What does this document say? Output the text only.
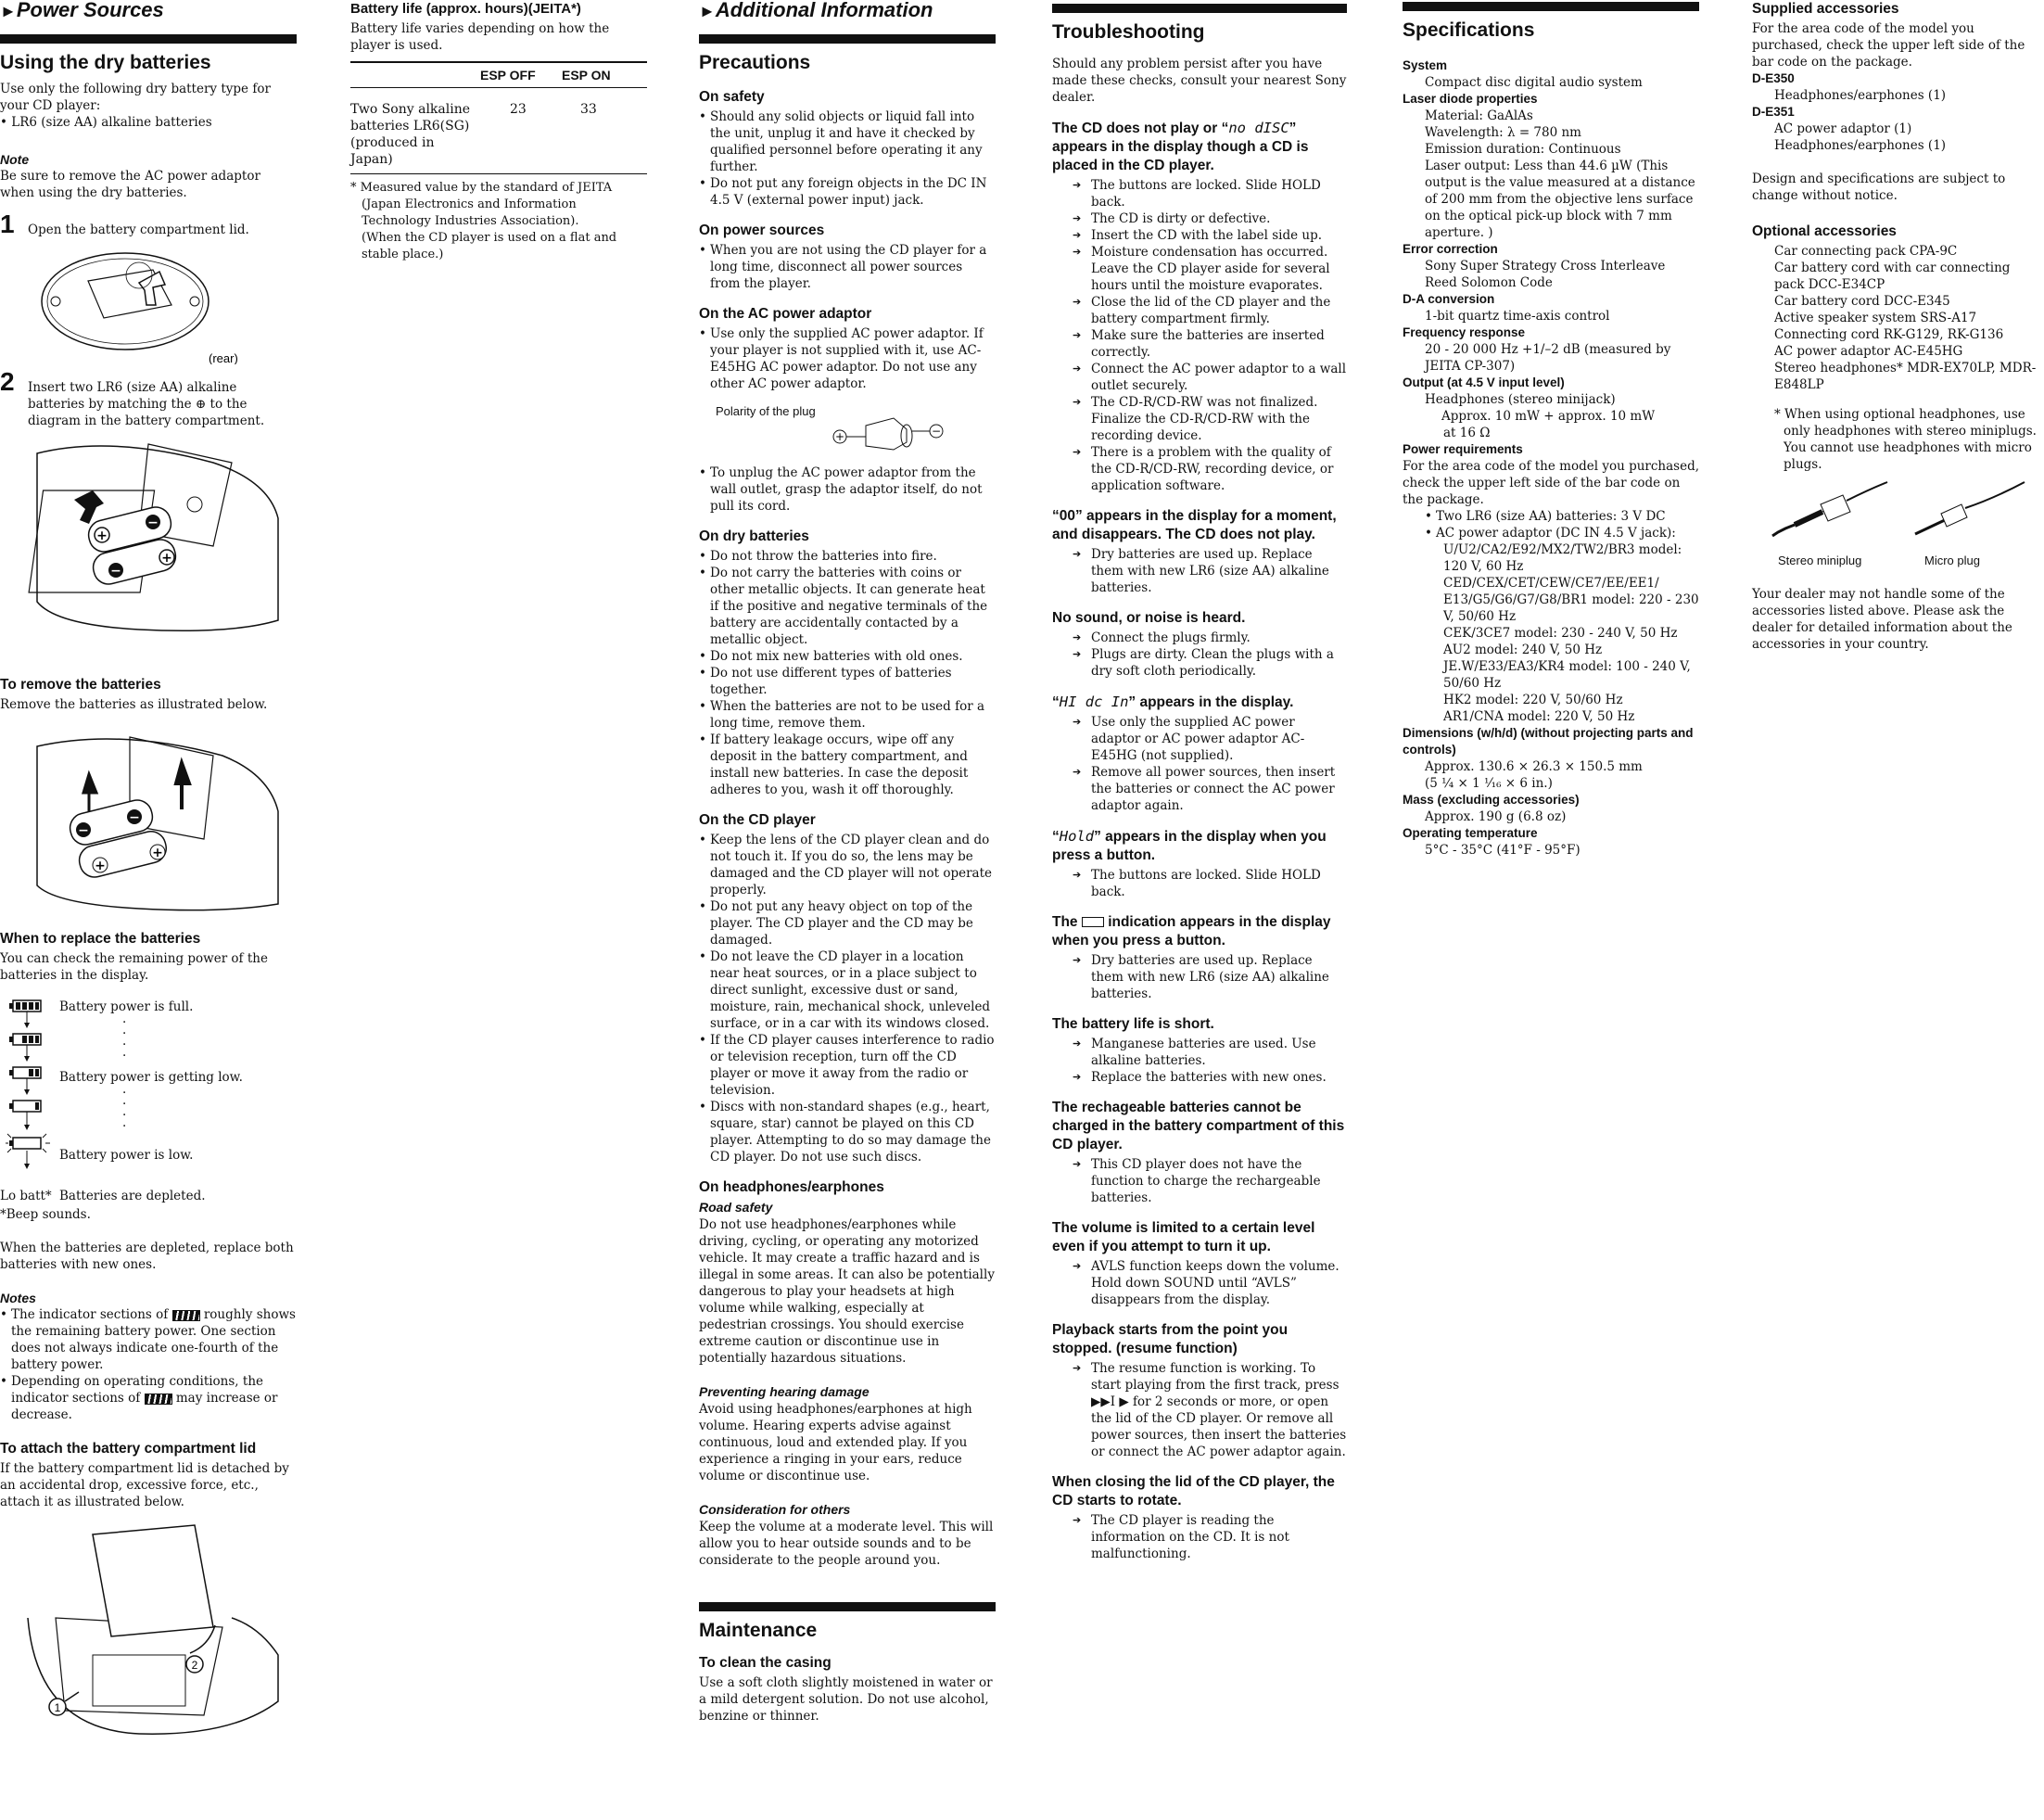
►Power Sources
Using the dry batteries

Use only the following dry battery type for your CD player:

• LR6 (size AA) alkaline batteries

Note

Be sure to remove the AC power adaptor when using the dry batteries.

1 Open the battery compartment lid.
(rear)
2 Insert two LR6 (size AA) alkaline batteries by matching the ⊕ to the diagram in the battery compartment.
+
−
−
+
To remove the batteries

Remove the batteries as illustrated below.

−
−
+
+
When to replace the batteries

You can check the remaining power of the batteries in the display.

Battery power is full.
Battery power is getting low.
Battery power is low.
·
·
·
·
·
·
·
·
Lo batt* Batteries are depleted.

*Beep sounds.

When the batteries are depleted, replace both batteries with new ones.

Notes
• The indicator sections of	roughly shows the remaining battery power. One section does not always indicate one-fourth of the battery power.
• Depending on operating conditions, the indicator sections of	may increase or decrease.
To attach the battery compartment lid

If the battery compartment lid is detached by an accidental drop, excessive force, etc., attach it as illustrated below.

1
2
Battery life (approx. hours)(JEITA*)

Battery life varies depending on how the player is used.

	ESP OFF	ESP ON
Two Sony alkaline batteries LR6(SG) (produced in Japan)	23	33

* Measured value by the standard of JEITA (Japan Electronics and Information Technology Industries Association).

(When the CD player is used on a flat and stable place.)

►Additional Information
Precautions
On safety
• Should any solid objects or liquid fall into the unit, unplug it and have it checked by qualified personnel before operating it any further.
• Do not put any foreign objects in the DC IN 4.5 V (external power input) jack.
On power sources
• When you are not using the CD player for a long time, disconnect all power sources from the player.
On the AC power adaptor
• Use only the supplied AC power adaptor. If your player is not supplied with it, use AC-E45HG AC power adaptor. Do not use any other AC power adaptor.
Polarity of the plug
+	−
• To unplug the AC power adaptor from the wall outlet, grasp the adaptor itself, do not pull its cord.
On dry batteries
• Do not throw the batteries into fire.
• Do not carry the batteries with coins or other metallic objects. It can generate heat if the positive and negative terminals of the battery are accidentally contacted by a metallic object.
• Do not mix new batteries with old ones.
• Do not use different types of batteries together.
• When the batteries are not to be used for a long time, remove them.
• If battery leakage occurs, wipe off any deposit in the battery compartment, and install new batteries. In case the deposit adheres to you, wash it off thoroughly.
On the CD player
• Keep the lens of the CD player clean and do not touch it. If you do so, the lens may be damaged and the CD player will not operate properly.
• Do not put any heavy object on top of the player. The CD player and the CD may be damaged.
• Do not leave the CD player in a location near heat sources, or in a place subject to direct sunlight, excessive dust or sand, moisture, rain, mechanical shock, unleveled surface, or in a car with its windows closed.
• If the CD player causes interference to radio or television reception, turn off the CD player or move it away from the radio or television.
• Discs with non-standard shapes (e.g., heart, square, star) cannot be played on this CD player. Attempting to do so may damage the CD player. Do not use such discs.
On headphones/earphones
Road safety

Do not use headphones/earphones while driving, cycling, or operating any motorized vehicle. It may create a traffic hazard and is illegal in some areas. It can also be potentially dangerous to play your headsets at high volume while walking, especially at pedestrian crossings. You should exercise extreme caution or discontinue use in potentially hazardous situations.

Preventing hearing damage

Avoid using headphones/earphones at high volume. Hearing experts advise against continuous, loud and extended play. If you experience a ringing in your ears, reduce volume or discontinue use.

Consideration for others

Keep the volume at a moderate level. This will allow you to hear outside sounds and to be considerate to the people around you.

Maintenance
To clean the casing

Use a soft cloth slightly moistened in water or a mild detergent solution. Do not use alcohol, benzine or thinner.

Troubleshooting

Should any problem persist after you have made these checks, consult your nearest Sony dealer.

The CD does not play or “no dISC” appears in the display though a CD is placed in the CD player.
➔ The buttons are locked. Slide HOLD back.
➔ The CD is dirty or defective.
➔ Insert the CD with the label side up.
➔ Moisture condensation has occurred. Leave the CD player aside for several hours until the moisture evaporates.
➔ Close the lid of the CD player and the battery compartment firmly.
➔ Make sure the batteries are inserted correctly.
➔ Connect the AC power adaptor to a wall outlet securely.
➔ The CD-R/CD-RW was not finalized. Finalize the CD-R/CD-RW with the recording device.
➔ There is a problem with the quality of the CD-R/CD-RW, recording device, or application software.
“00” appears in the display for a moment, and disappears. The CD does not play.
➔ Dry batteries are used up. Replace them with new LR6 (size AA) alkaline batteries.
No sound, or noise is heard.
➔ Connect the plugs firmly.
➔ Plugs are dirty. Clean the plugs with a dry soft cloth periodically.
“HI dc In” appears in the display.
➔ Use only the supplied AC power adaptor or AC power adaptor AC-E45HG (not supplied).
➔ Remove all power sources, then insert the batteries or connect the AC power adaptor again.
“Hold” appears in the display when you press a button.
➔ The buttons are locked. Slide HOLD back.
The indication appears in the display when you press a button.
➔ Dry batteries are used up. Replace them with new LR6 (size AA) alkaline batteries.
The battery life is short.
➔ Manganese batteries are used. Use alkaline batteries.
➔ Replace the batteries with new ones.
The rechageable batteries cannot be charged in the battery compartment of this CD player.
➔ This CD player does not have the function to charge the rechargeable batteries.
The volume is limited to a certain level even if you attempt to turn it up.
➔ AVLS function keeps down the volume. Hold down SOUND until “AVLS” disappears from the display.
Playback starts from the point you stopped. (resume function)
➔ The resume function is working. To start playing from the first track, press ▶▶I ▶ for 2 seconds or more, or open the lid of the CD player. Or remove all power sources, then insert the batteries or connect the AC power adaptor again.
When closing the lid of the CD player, the CD starts to rotate.
➔ The CD player is reading the information on the CD. It is not malfunctioning.
Specifications
System

Compact disc digital audio system

Laser diode properties

Material: GaAlAs

Wavelength: λ = 780 nm

Emission duration: Continuous

Laser output: Less than 44.6 µW (This output is the value measured at a distance of 200 mm from the objective lens surface on the optical pick-up block with 7 mm aperture. )

Error correction

Sony Super Strategy Cross Interleave Reed Solomon Code

D-A conversion

1-bit quartz time-axis control

Frequency response

20 - 20 000 Hz +1/–2 dB (measured by JEITA CP-307)

Output (at 4.5 V input level)

Headphones (stereo minijack)

Approx. 10 mW + approx. 10 mW

at 16 Ω

Power requirements

For the area code of the model you purchased, check the upper left side of the bar code on the package.

• Two LR6 (size AA) batteries: 3 V DC
• AC power adaptor (DC IN 4.5 V jack):

U/U2/CA2/E92/MX2/TW2/BR3 model: 120 V, 60 Hz

CED/CEX/CET/CEW/CE7/EE/EE1/ E13/G5/G6/G7/G8/BR1 model: 220 - 230 V, 50/60 Hz

CEK/3CE7 model: 230 - 240 V, 50 Hz

AU2 model: 240 V, 50 Hz

JE.W/E33/EA3/KR4 model: 100 - 240 V, 50/60 Hz

HK2 model: 220 V, 50/60 Hz

AR1/CNA model: 220 V, 50 Hz

Dimensions (w/h/d) (without projecting parts and controls)

Approx. 130.6 × 26.3 × 150.5 mm

(5 ¼ × 1 ¹⁄₁₆ × 6 in.)

Mass (excluding accessories)

Approx. 190 g (6.8 oz)

Operating temperature

5°C - 35°C (41°F - 95°F)

Supplied accessories

For the area code of the model you purchased, check the upper left side of the bar code on the package.

D-E350

Headphones/earphones (1)

D-E351

AC power adaptor (1)

Headphones/earphones (1)

Design and specifications are subject to change without notice.

Optional accessories

Car connecting pack CPA-9C

Car battery cord with car connecting pack DCC-E34CP

Car battery cord DCC-E345

Active speaker system SRS-A17

Connecting cord RK-G129, RK-G136

AC power adaptor AC-E45HG

Stereo headphones* MDR-EX70LP, MDR-E848LP

* When using optional headphones, use only headphones with stereo miniplugs. You cannot use headphones with micro plugs.

Stereo miniplug	Micro plug

Your dealer may not handle some of the accessories listed above. Please ask the dealer for detailed information about the accessories in your country.
